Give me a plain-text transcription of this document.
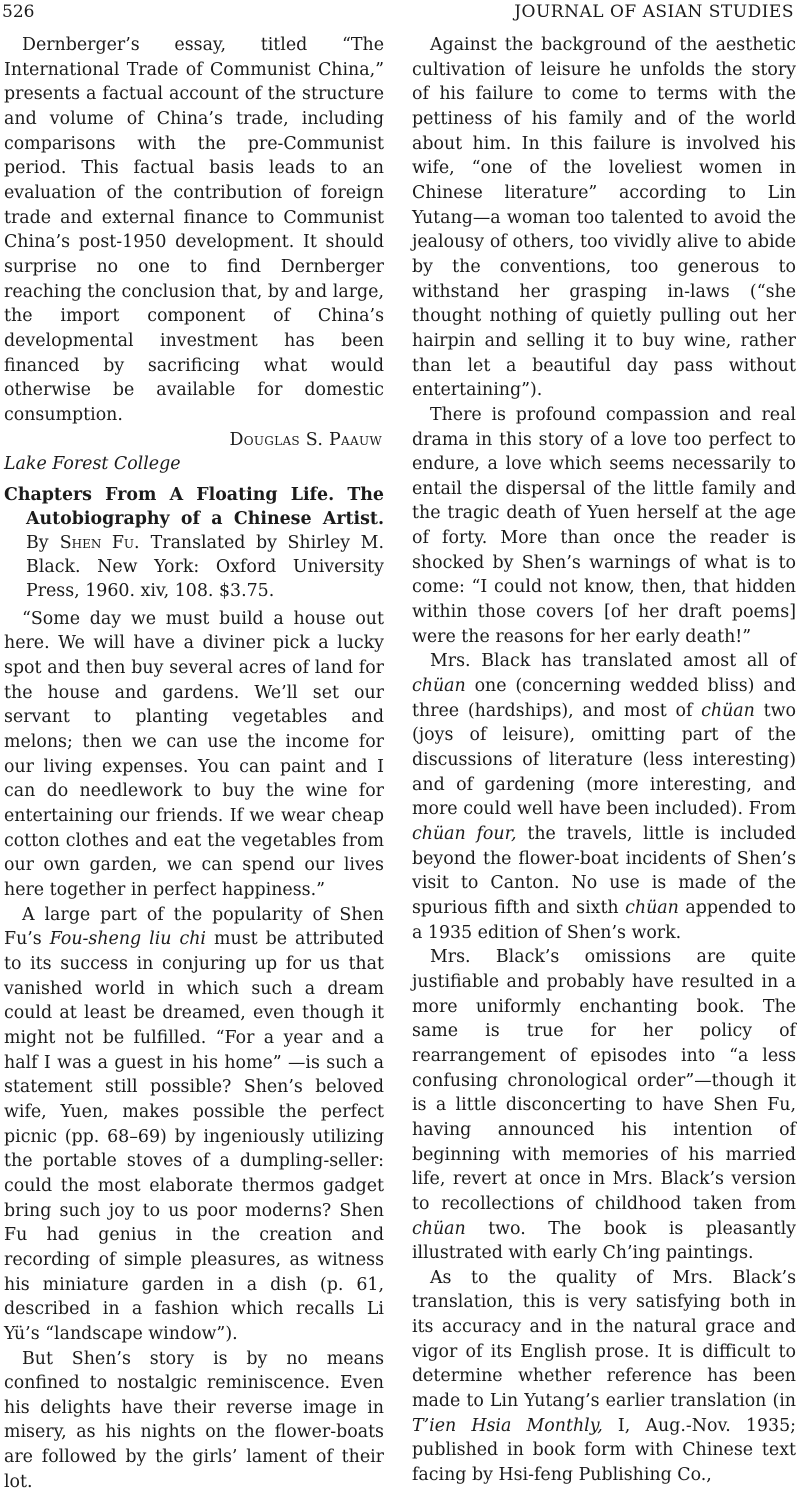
526	JOURNAL OF ASIAN STUDIES

Dernberger’s essay, titled “The International Trade of Communist China,” presents a factual account of the structure and volume of China’s trade, including comparisons with the pre-Communist period. This factual basis leads to an evaluation of the contribution of foreign trade and external finance to Communist China’s post-1950 development. It should surprise no one to find Dernberger reaching the conclusion that, by and large, the import component of China’s developmental investment has been financed by sacrificing what would otherwise be available for domestic consumption.

Douglas S. Paauw
Lake Forest College

Chapters From A Floating Life. The Autobiography of a Chinese Artist. By Shen Fu. Translated by Shirley M. Black. New York: Oxford University Press, 1960. xiv, 108. $3.75.

“Some day we must build a house out here. We will have a diviner pick a lucky spot and then buy several acres of land for the house and gardens. We’ll set our servant to planting vegetables and melons; then we can use the income for our living expenses. You can paint and I can do needlework to buy the wine for entertaining our friends. If we wear cheap cotton clothes and eat the vegetables from our own garden, we can spend our lives here together in perfect happiness.”

A large part of the popularity of Shen Fu’s Fou-sheng liu chi must be attributed to its success in conjuring up for us that vanished world in which such a dream could at least be dreamed, even though it might not be fulfilled. “For a year and a half I was a guest in his home” —is such a statement still possible? Shen’s beloved wife, Yuen, makes possible the perfect picnic (pp. 68–69) by ingeniously utilizing the portable stoves of a dumpling-seller: could the most elaborate thermos gadget bring such joy to us poor moderns? Shen Fu had genius in the creation and recording of simple pleasures, as witness his miniature garden in a dish (p. 61, described in a fashion which recalls Li Yü’s “landscape window”).

But Shen’s story is by no means confined to nostalgic reminiscence. Even his delights have their reverse image in misery, as his nights on the flower-boats are followed by the girls’ lament of their lot.

Against the background of the aesthetic cultivation of leisure he unfolds the story of his failure to come to terms with the pettiness of his family and of the world about him. In this failure is involved his wife, “one of the loveliest women in Chinese literature” according to Lin Yutang—a woman too talented to avoid the jealousy of others, too vividly alive to abide by the conventions, too generous to withstand her grasping in-laws (“she thought nothing of quietly pulling out her hairpin and selling it to buy wine, rather than let a beautiful day pass without entertaining”).

There is profound compassion and real drama in this story of a love too perfect to endure, a love which seems necessarily to entail the dispersal of the little family and the tragic death of Yuen herself at the age of forty. More than once the reader is shocked by Shen’s warnings of what is to come: “I could not know, then, that hidden within those covers [of her draft poems] were the reasons for her early death!”

Mrs. Black has translated amost all of chüan one (concerning wedded bliss) and three (hardships), and most of chüan two (joys of leisure), omitting part of the discussions of literature (less interesting) and of gardening (more interesting, and more could well have been included). From chüan four, the travels, little is included beyond the flower-boat incidents of Shen’s visit to Canton. No use is made of the spurious fifth and sixth chüan appended to a 1935 edition of Shen’s work.

Mrs. Black’s omissions are quite justifiable and probably have resulted in a more uniformly enchanting book. The same is true for her policy of rearrangement of episodes into “a less confusing chronological order”—though it is a little disconcerting to have Shen Fu, having announced his intention of beginning with memories of his married life, revert at once in Mrs. Black’s version to recollections of childhood taken from chüan two. The book is pleasantly illustrated with early Ch’ing paintings.

As to the quality of Mrs. Black’s translation, this is very satisfying both in its accuracy and in the natural grace and vigor of its English prose. It is difficult to determine whether reference has been made to Lin Yutang’s earlier translation (in T’ien Hsia Monthly, I, Aug.-Nov. 1935; published in book form with Chinese text facing by Hsi-feng Publishing Co.,
